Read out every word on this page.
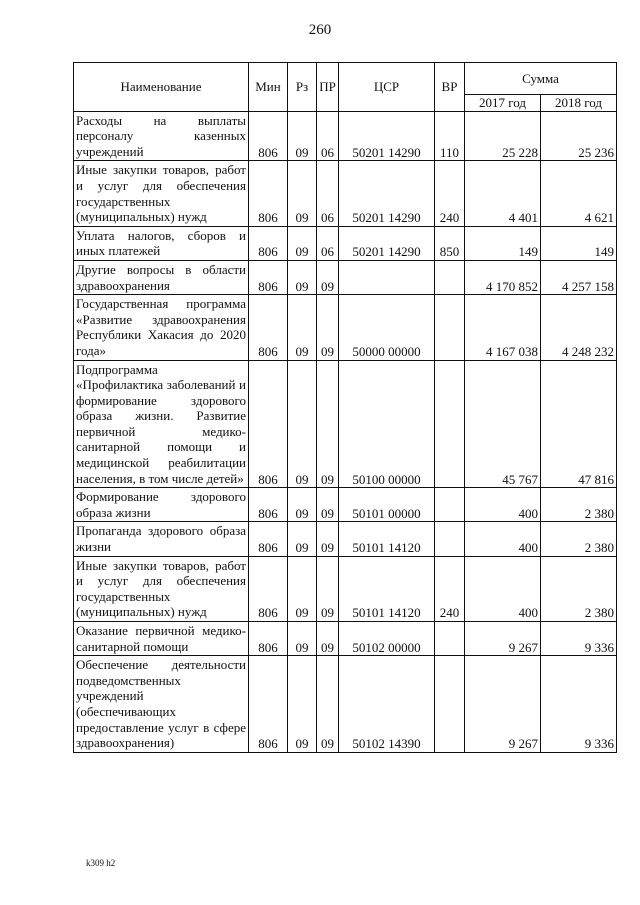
260
Наименование	Мин	Рз	ПР	ЦСР	ВР	Сумма	
						2017 год	2018 год
Расходы на выплаты персоналу казенных учреждений	806	09	06	50201 14290	110	25 228	25 236
Иные закупки товаров, работ и услуг для обеспечения государственных (муниципальных) нужд	806	09	06	50201 14290	240	4 401	4 621
Уплата налогов, сборов и иных платежей	806	09	06	50201 14290	850	149	149
Другие вопросы в области здравоохранения	806	09	09			4 170 852	4 257 158
Государственная программа «Развитие здравоохранения Республики Хакасия до 2020 года»	806	09	09	50000 00000		4 167 038	4 248 232
Подпрограмма «Профилактика заболеваний и формирование здорового образа жизни. Развитие первичной медико-санитарной помощи и медицинской реабилитации населения, в том числе детей»	806	09	09	50100 00000		45 767	47 816
Формирование здорового образа жизни	806	09	09	50101 00000		400	2 380
Пропаганда здорового образа жизни	806	09	09	50101 14120		400	2 380
Иные закупки товаров, работ и услуг для обеспечения государственных (муниципальных) нужд	806	09	09	50101 14120	240	400	2 380
Оказание первичной медико-санитарной помощи	806	09	09	50102 00000		9 267	9 336
Обеспечение деятельности подведомственных учреждений (обеспечивающих предоставление услуг в сфере здравоохранения)	806	09	09	50102 14390		9 267	9 336
k309 h2
